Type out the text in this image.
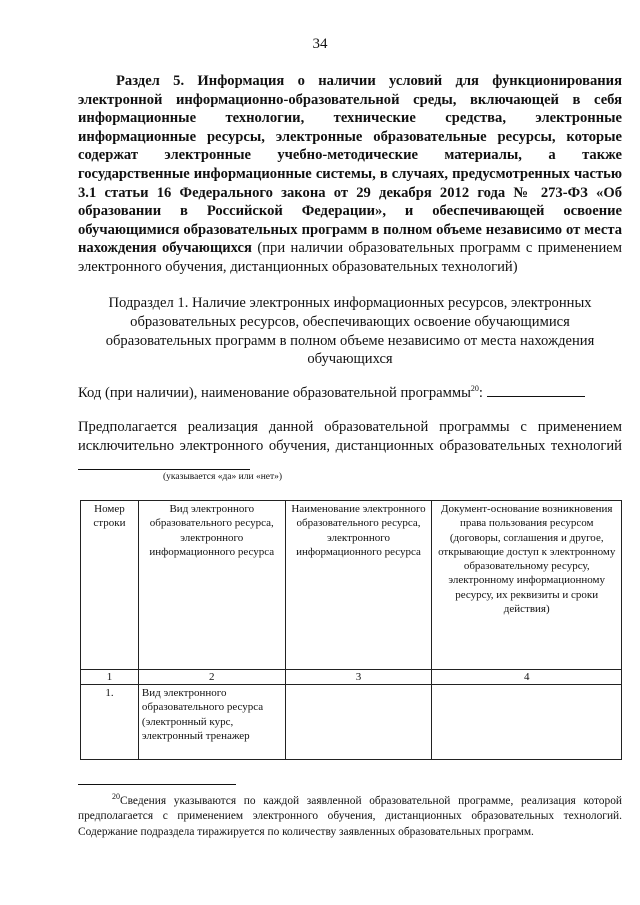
34
Раздел 5. Информация о наличии условий для функционирования электронной информационно-образовательной среды, включающей в себя информационные технологии, технические средства, электронные информационные ресурсы, электронные образовательные ресурсы, которые содержат электронные учебно-методические материалы, а также государственные информационные системы, в случаях, предусмотренных частью 3.1 статьи 16 Федерального закона от 29 декабря 2012 года № 273-ФЗ «Об образовании в Российской Федерации», и обеспечивающей освоение обучающимися образовательных программ в полном объеме независимо от места нахождения обучающихся (при наличии образовательных программ с применением электронного обучения, дистанционных образовательных технологий)
Подраздел 1. Наличие электронных информационных ресурсов, электронных образовательных ресурсов, обеспечивающих освоение обучающимися образовательных программ в полном объеме независимо от места нахождения обучающихся
Код (при наличии), наименование образовательной программы$^{20}$:
Предполагается реализация данной образовательной программы с применением исключительно электронного обучения, дистанционных образовательных технологий
(указывается «да» или «нет»)
Номер строки	Вид электронного образовательного ресурса, электронного информационного ресурса	Наименование электронного образовательного ресурса, электронного информационного ресурса	Документ-основание возникновения права пользования ресурсом (договоры, соглашения и другое, открывающие доступ к электронному образовательному ресурсу, электронному информационному ресурсу, их реквизиты и сроки действия)
1	2	3	4
1.	Вид электронного образовательного ресурса (электронный курс, электронный тренажер		
$^{20}$Сведения указываются по каждой заявленной образовательной программе, реализация которой предполагается с применением электронного обучения, дистанционных образовательных технологий. Содержание подраздела тиражируется по количеству заявленных образовательных программ.
